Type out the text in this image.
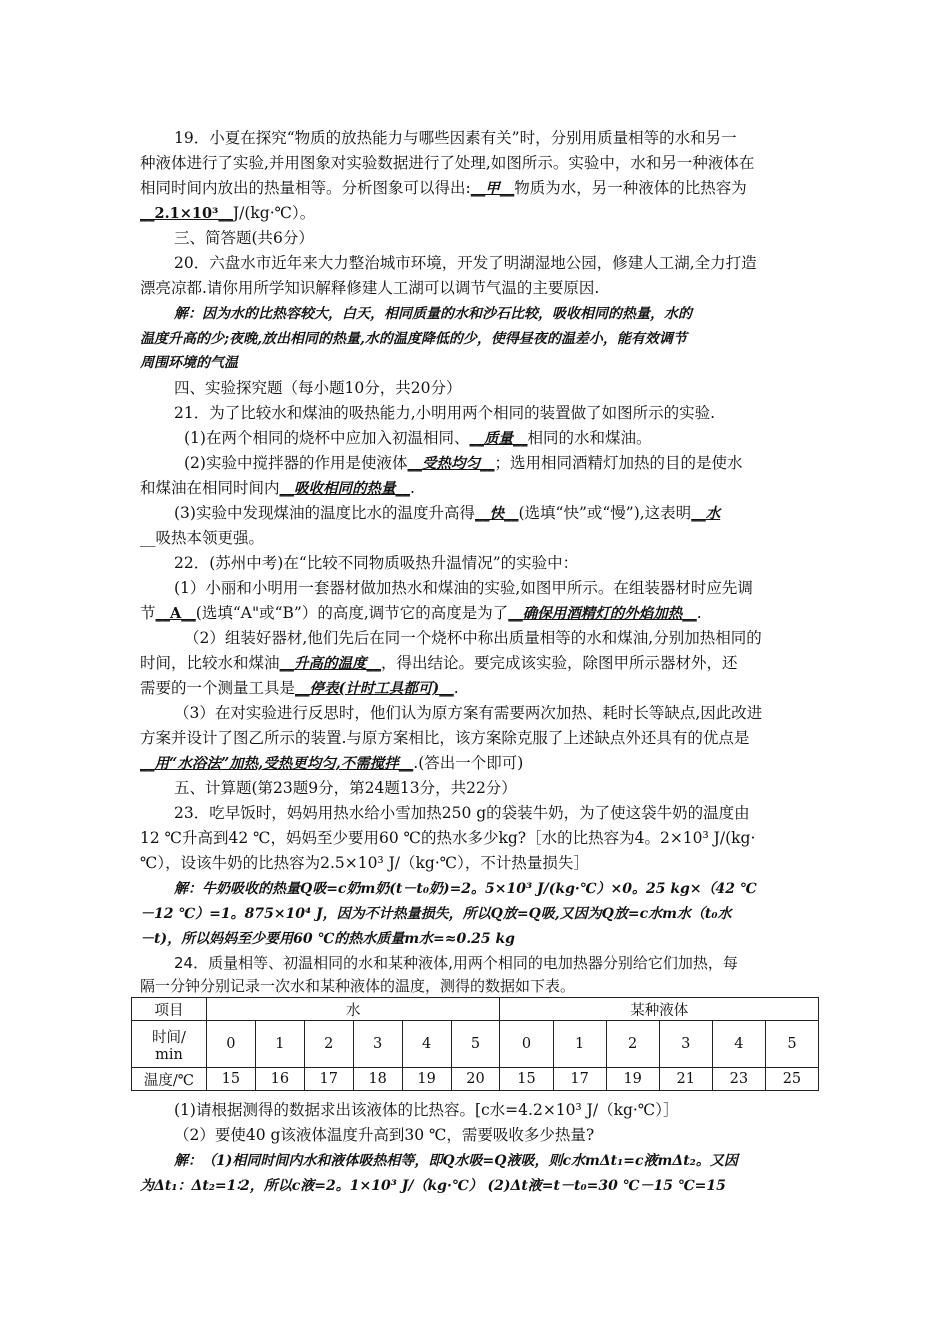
19．小夏在探究“物质的放热能力与哪些因素有关”时，分别用质量相等的水和另一
种液体进行了实验,并用图象对实验数据进行了处理,如图所示。实验中，水和另一种液体在
相同时间内放出的热量相等。分析图象可以得出:__甲__物质为水，另一种液体的比热容为
__2.1×10³__J/(kg·℃）。
三、简答题(共6分）
20．六盘水市近年来大力整治城市环境，开发了明湖湿地公园，修建人工湖,全力打造
漂亮凉都.请你用所学知识解释修建人工湖可以调节气温的主要原因.
解：因为水的比热容较大，白天，相同质量的水和沙石比较，吸收相同的热量，水的
温度升高的少;夜晚,放出相同的热量,水的温度降低的少，使得昼夜的温差小，能有效调节
周围环境的气温
四、实验探究题（每小题10分，共20分）
21．为了比较水和煤油的吸热能力,小明用两个相同的装置做了如图所示的实验.
(1)在两个相同的烧杯中应加入初温相同、__质量__相同的水和煤油。
(2)实验中搅拌器的作用是使液体__受热均匀__；选用相同酒精灯加热的目的是使水
和煤油在相同时间内__吸收相同的热量__.
(3)实验中发现煤油的温度比水的温度升高得__快__(选填“快”或“慢”),这表明__水
__吸热本领更强。
22．(苏州中考)在“比较不同物质吸热升温情况”的实验中：
(1）小丽和小明用一套器材做加热水和煤油的实验,如图甲所示。在组装器材时应先调
节__A__(选填“A"或“B”）的高度,调节它的高度是为了__确保用酒精灯的外焰加热__.
（2）组装好器材,他们先后在同一个烧杯中称出质量相等的水和煤油,分别加热相同的
时间，比较水和煤油__升高的温度__，得出结论。要完成该实验，除图甲所示器材外，还
需要的一个测量工具是__停表(计时工具都可)__.
（3）在对实验进行反思时，他们认为原方案有需要两次加热、耗时长等缺点,因此改进
方案并设计了图乙所示的装置.与原方案相比，该方案除克服了上述缺点外还具有的优点是
__用“水浴法”加热,受热更均匀,不需搅拌__.(答出一个即可)
五、计算题(第23题9分，第24题13分，共22分）
23．吃早饭时，妈妈用热水给小雪加热250 g的袋装牛奶，为了使这袋牛奶的温度由
12 ℃升高到42 ℃，妈妈至少要用60 ℃的热水多少kg?［水的比热容为4。2×10³ J/(kg·
℃），设该牛奶的比热容为2.5×10³ J/（kg·℃），不计热量损失］
解：牛奶吸收的热量Q吸=c奶m奶(t－t₀奶)=2。5×10³ J/(kg·℃）×0。25 kg×（42 ℃
－12 ℃）=1。875×10⁴ J，因为不计热量损失，所以Q放=Q吸,又因为Q放=c水m水（t₀水
－t)，所以妈妈至少要用60 ℃的热水质量m水=≈0.25 kg
24．质量相等、初温相同的水和某种液体,用两个相同的电加热器分别给它们加热，每
隔一分钟分别记录一次水和某种液体的温度，测得的数据如下表。
项目	水						某种液体					
时间/
min	0	1	2	3	4	5	0	1	2	3	4	5
温度/℃	15	16	17	18	19	20	15	17	19	21	23	25
(1)请根据测得的数据求出该液体的比热容。[c水=4.2×10³ J/（kg·℃）］
（2）要使40 g该液体温度升高到30 ℃，需要吸收多少热量?
解：（1)相同时间内水和液体吸热相等，即Q水吸=Q液吸，则c水mΔt₁=c液mΔt₂。又因
为Δt₁：Δt₂=1∶2，所以c液=2。1×10³ J/（kg·℃） (2)Δt液=t－t₀=30 ℃－15 ℃=15
